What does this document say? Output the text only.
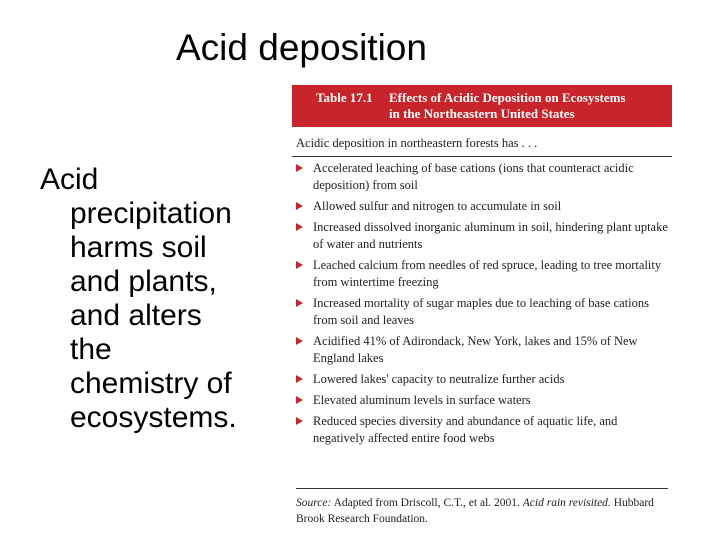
Acid deposition
Acid
precipitation
harms soil
and plants,
and alters
the
chemistry of
ecosystems.
Table 17.1 Effects of Acidic Deposition on Ecosystems
in the Northeastern United States
Acidic deposition in northeastern forests has . . .
Accelerated leaching of base cations (ions that counteract acidic deposition) from soil
Allowed sulfur and nitrogen to accumulate in soil
Increased dissolved inorganic aluminum in soil, hindering plant uptake of water and nutrients
Leached calcium from needles of red spruce, leading to tree mortality from wintertime freezing
Increased mortality of sugar maples due to leaching of base cations from soil and leaves
Acidified 41% of Adirondack, New York, lakes and 15% of New England lakes
Lowered lakes' capacity to neutralize further acids
Elevated aluminum levels in surface waters
Reduced species diversity and abundance of aquatic life, and negatively affected entire food webs
Source: Adapted from Driscoll, C.T., et al. 2001. Acid rain revisited. Hubbard Brook Research Foundation.
